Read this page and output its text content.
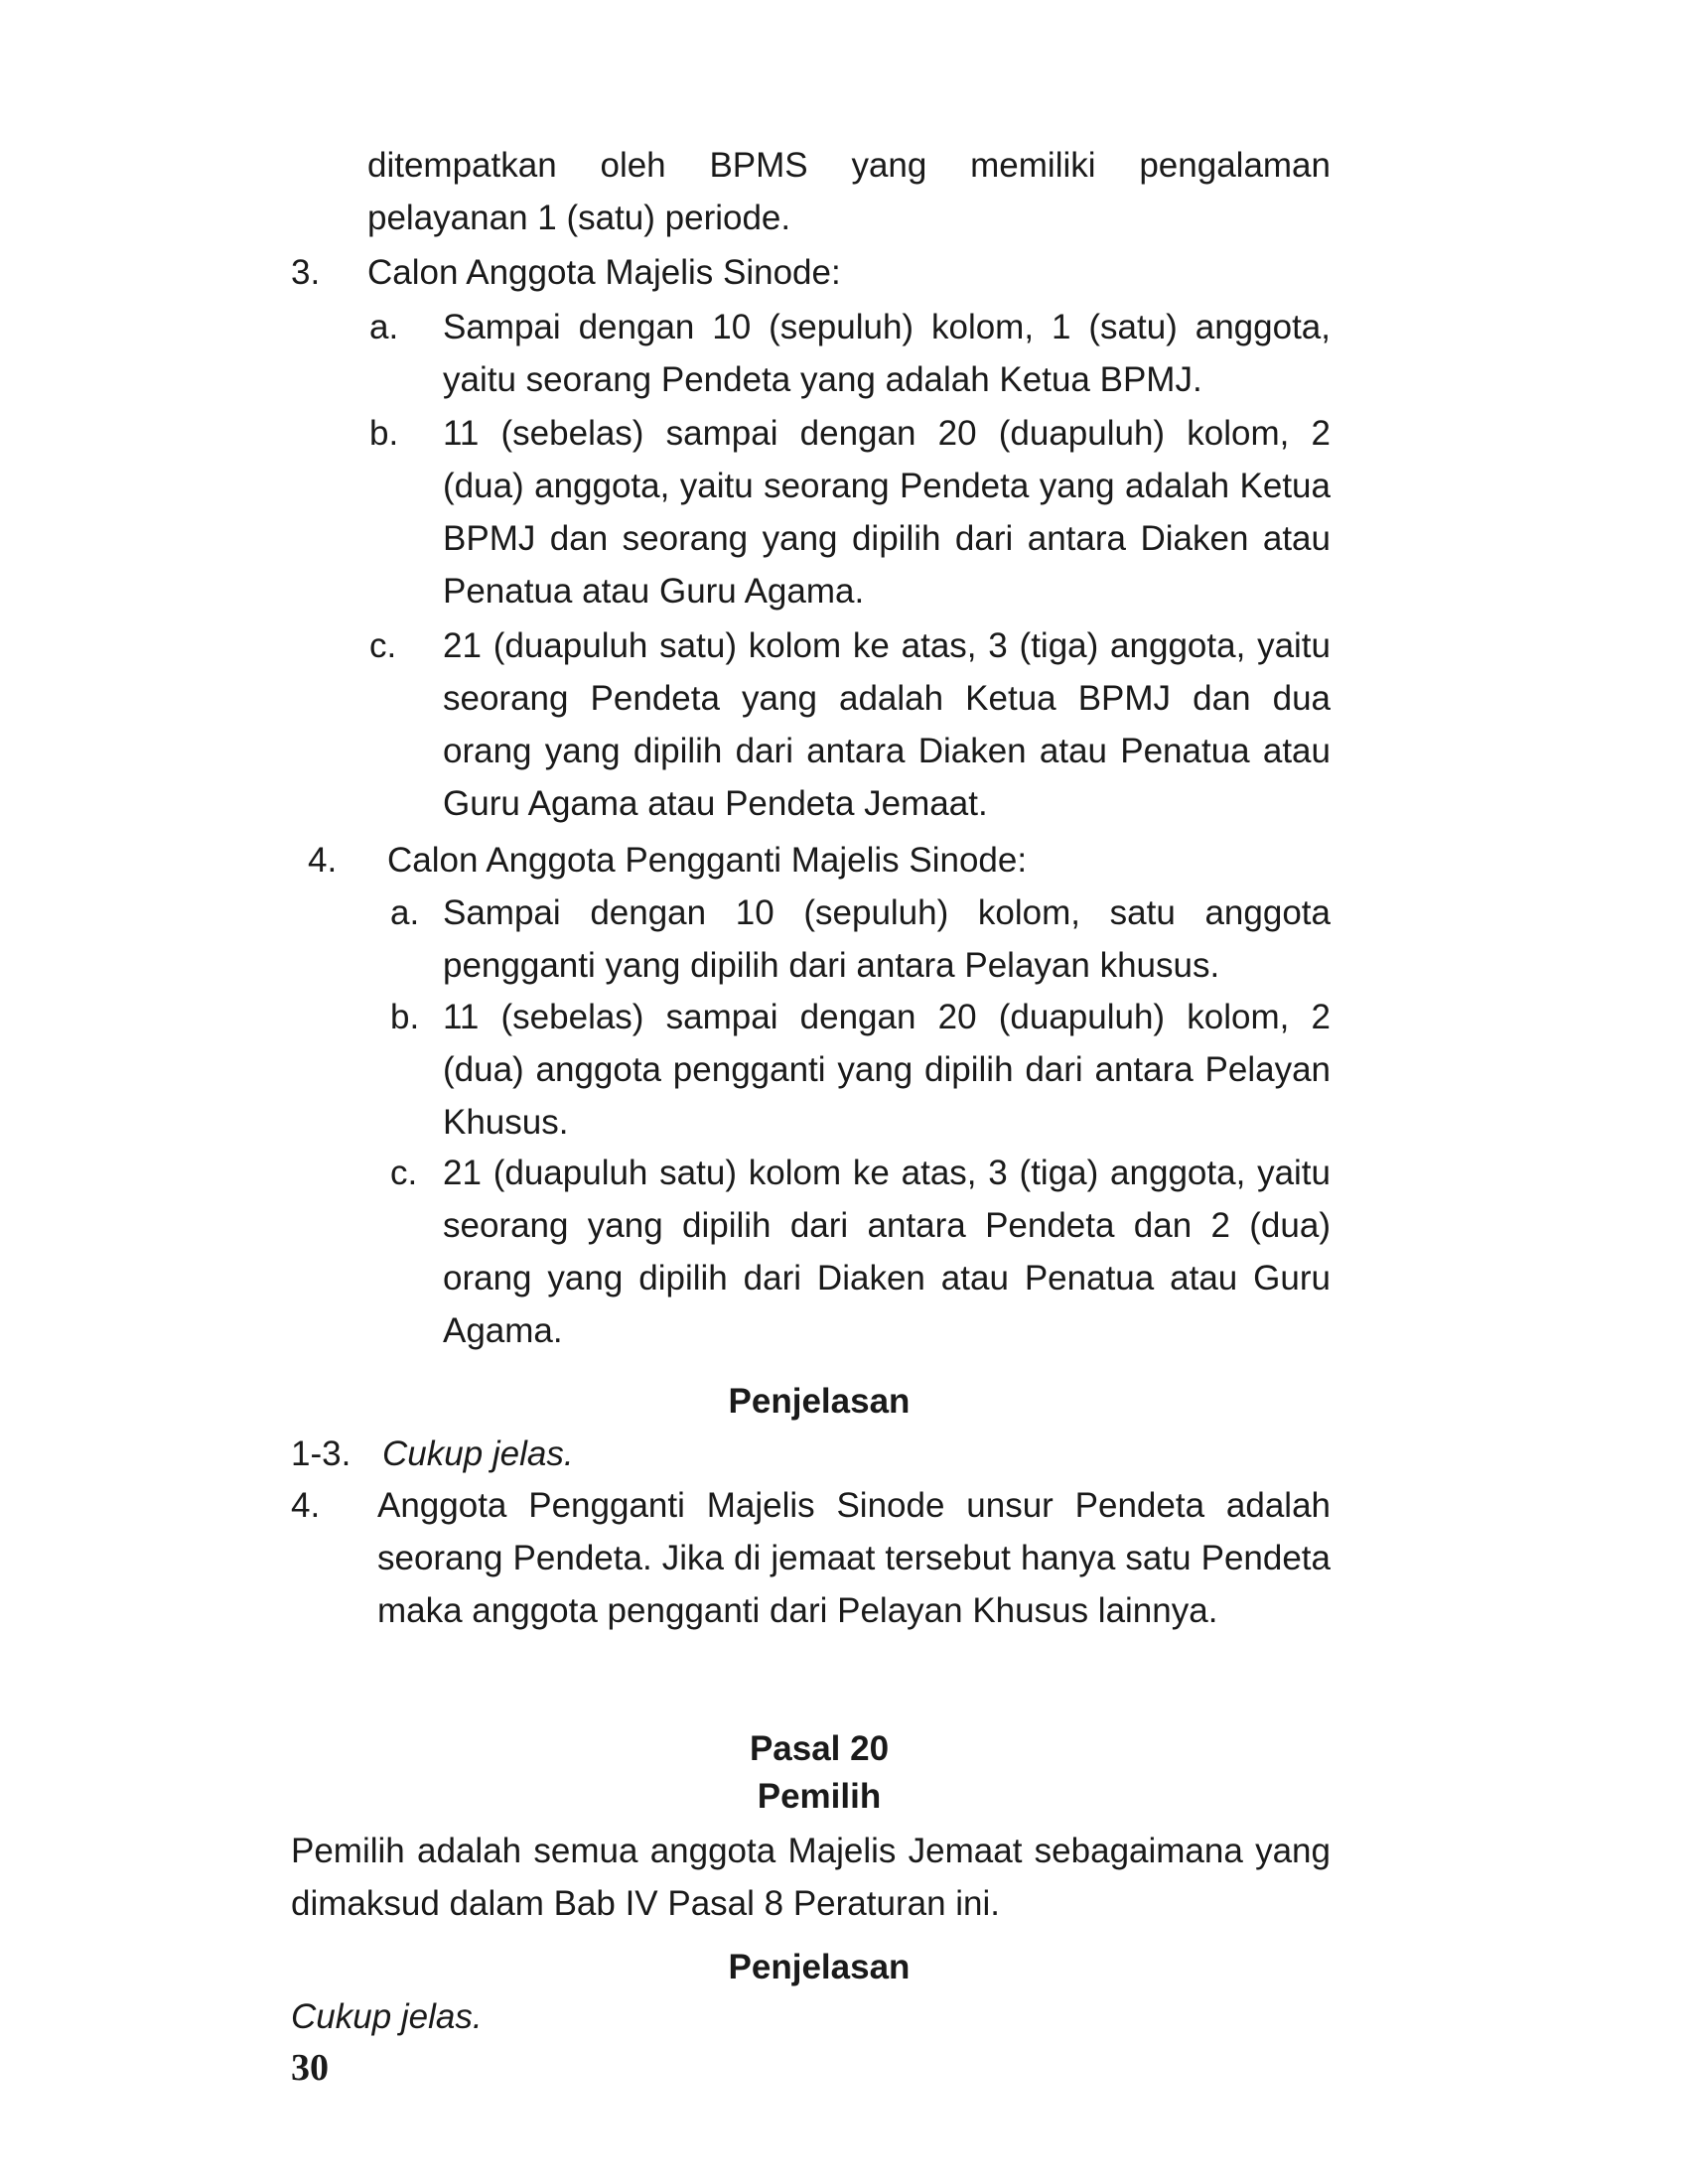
ditempatkan oleh BPMS yang memiliki pengalaman pelayanan 1 (satu) periode.
3. Calon Anggota Majelis Sinode:
a. Sampai dengan 10 (sepuluh) kolom, 1 (satu) anggota, yaitu seorang Pendeta yang adalah Ketua BPMJ.
b. 11 (sebelas) sampai dengan 20 (duapuluh) kolom, 2 (dua) anggota, yaitu seorang Pendeta yang adalah Ketua BPMJ dan seorang yang dipilih dari antara Diaken atau Penatua atau Guru Agama.
c. 21 (duapuluh satu) kolom ke atas, 3 (tiga) anggota, yaitu seorang Pendeta yang adalah Ketua BPMJ dan dua orang yang dipilih dari antara Diaken atau Penatua atau Guru Agama atau Pendeta Jemaat.
4. Calon Anggota Pengganti Majelis Sinode:
a. Sampai dengan 10 (sepuluh) kolom, satu anggota pengganti yang dipilih dari antara Pelayan khusus.
b. 11 (sebelas) sampai dengan 20 (duapuluh) kolom, 2 (dua) anggota pengganti yang dipilih dari antara Pelayan Khusus.
c. 21 (duapuluh satu) kolom ke atas, 3 (tiga) anggota, yaitu seorang yang dipilih dari antara Pendeta dan 2 (dua) orang yang dipilih dari Diaken atau Penatua atau Guru Agama.
Penjelasan
1-3. Cukup jelas.
4. Anggota Pengganti Majelis Sinode unsur Pendeta adalah seorang Pendeta. Jika di jemaat tersebut hanya satu Pendeta maka anggota pengganti dari Pelayan Khusus lainnya.
Pasal 20
Pemilih
Pemilih adalah semua anggota Majelis Jemaat sebagaimana yang dimaksud dalam Bab IV Pasal 8 Peraturan ini.
Penjelasan
Cukup jelas.
30
